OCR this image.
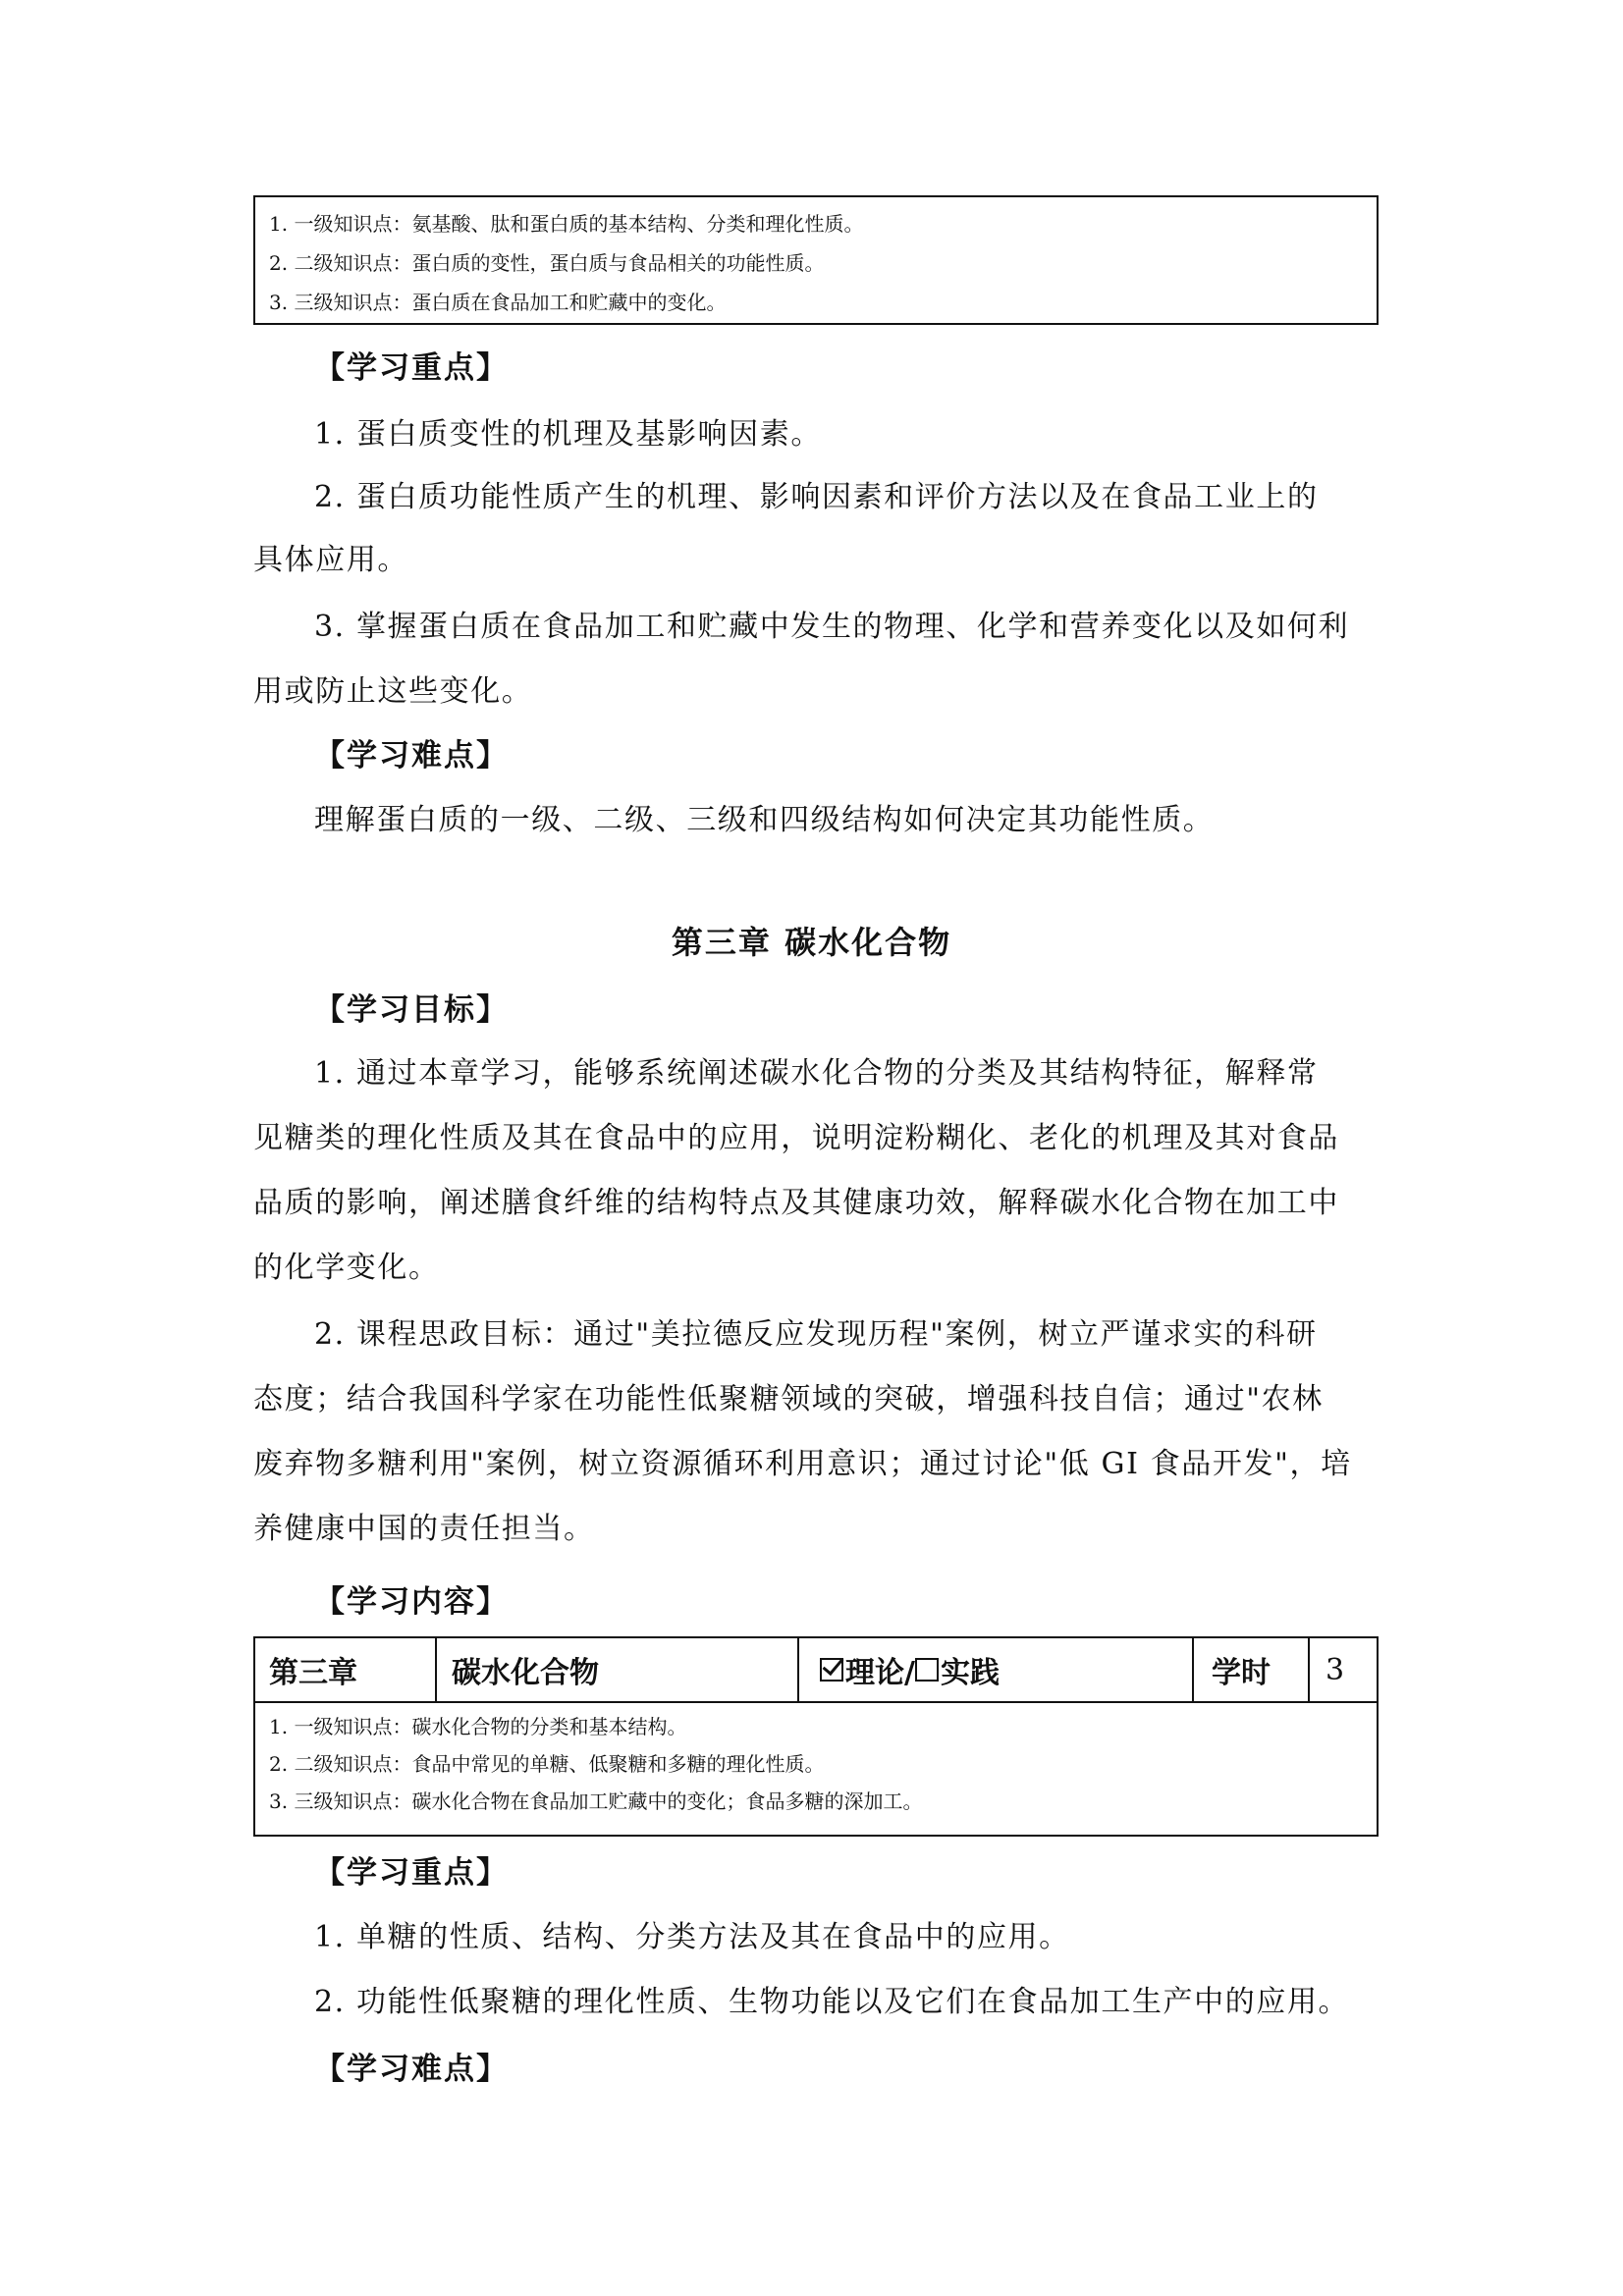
1. 一级知识点：氨基酸、肽和蛋白质的基本结构、分类和理化性质。
2. 二级知识点：蛋白质的变性，蛋白质与食品相关的功能性质。
3. 三级知识点：蛋白质在食品加工和贮藏中的变化。
【学习重点】
1. 蛋白质变性的机理及基影响因素。
2. 蛋白质功能性质产生的机理、影响因素和评价方法以及在食品工业上的
具体应用。
3. 掌握蛋白质在食品加工和贮藏中发生的物理、化学和营养变化以及如何利
用或防止这些变化。
【学习难点】
理解蛋白质的一级、二级、三级和四级结构如何决定其功能性质。
第三章 碳水化合物
【学习目标】
1. 通过本章学习，能够系统阐述碳水化合物的分类及其结构特征，解释常
见糖类的理化性质及其在食品中的应用，说明淀粉糊化、老化的机理及其对食品
品质的影响，阐述膳食纤维的结构特点及其健康功效，解释碳水化合物在加工中
的化学变化。
2. 课程思政目标：通过"美拉德反应发现历程"案例，树立严谨求实的科研
态度；结合我国科学家在功能性低聚糖领域的突破，增强科技自信；通过"农林
废弃物多糖利用"案例，树立资源循环利用意识；通过讨论"低 GI 食品开发"，培
养健康中国的责任担当。
【学习内容】
第三章	碳水化合物	理论/ 实践	学时	3
1. 一级知识点：碳水化合物的分类和基本结构。
2. 二级知识点：食品中常见的单糖、低聚糖和多糖的理化性质。
3. 三级知识点：碳水化合物在食品加工贮藏中的变化；食品多糖的深加工。
【学习重点】
1. 单糖的性质、结构、分类方法及其在食品中的应用。
2. 功能性低聚糖的理化性质、生物功能以及它们在食品加工生产中的应用。
【学习难点】
